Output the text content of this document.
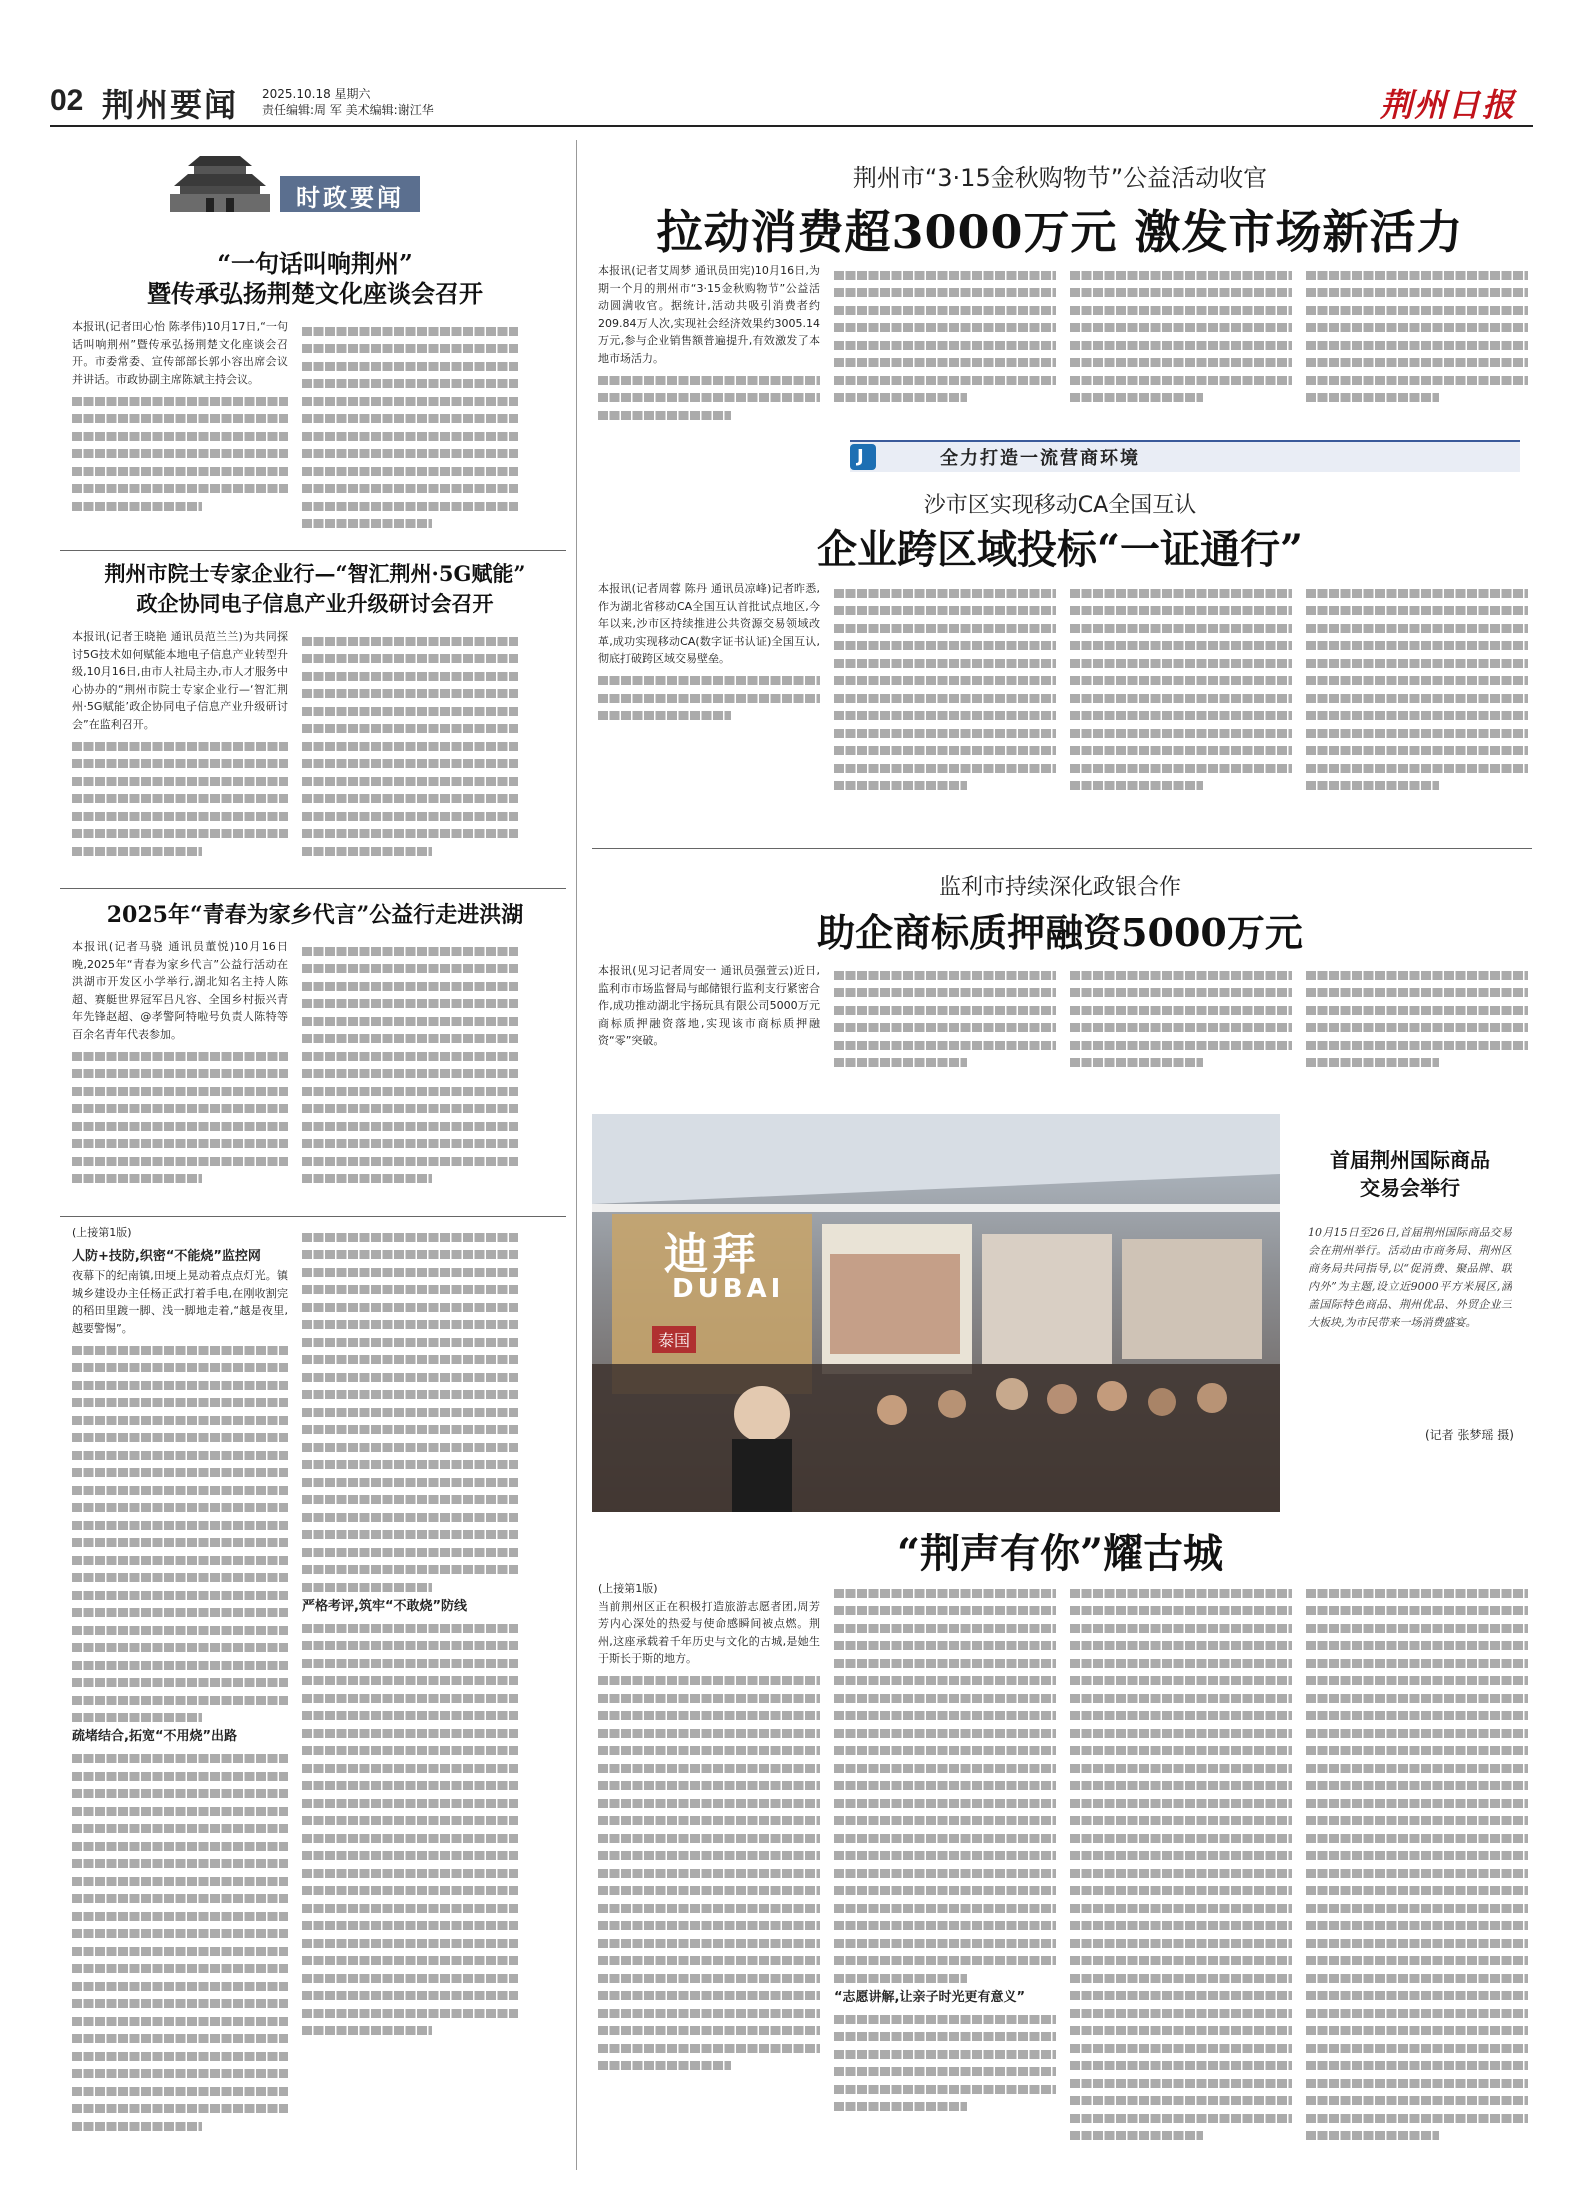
02 荆州要闻 2025.10.18 星期六
责任编辑:周 军 美术编辑:谢江华	荆州日报
时政要闻
“一句话叫响荆州”
暨传承弘扬荆楚文化座谈会召开
本报讯(记者田心怡 陈孝伟)10月17日,“一句话叫响荆州”暨传承弘扬荆楚文化座谈会召开。市委常委、宣传部部长郭小容出席会议并讲话。市政协副主席陈斌主持会议。
荆州市院士专家企业行—“智汇荆州·5G赋能”
政企协同电子信息产业升级研讨会召开
本报讯(记者王晓艳 通讯员范兰兰)为共同探讨5G技术如何赋能本地电子信息产业转型升级,10月16日,由市人社局主办,市人才服务中心协办的“荆州市院士专家企业行—‘智汇荆州·5G赋能’政企协同电子信息产业升级研讨会”在监利召开。
2025年“青春为家乡代言”公益行走进洪湖
本报讯(记者马骁 通讯员董悦)10月16日晚,2025年“青春为家乡代言”公益行活动在洪湖市开发区小学举行,湖北知名主持人陈超、赛艇世界冠军吕凡容、全国乡村振兴青年先锋赵超、@孝警阿特啦号负责人陈特等百余名青年代表参加。
(上接第1版)
人防+技防,织密“不能烧”监控网
夜幕下的纪南镇,田埂上晃动着点点灯光。镇城乡建设办主任杨正武打着手电,在刚收割完的稻田里踱一脚、浅一脚地走着,“越是夜里,越要警惕”。
疏堵结合,拓宽“不用烧”出路
严格考评,筑牢“不敢烧”防线
荆州市“3·15金秋购物节”公益活动收官
拉动消费超3000万元 激发市场新活力
本报讯(记者艾周梦 通讯员田宪)10月16日,为期一个月的荆州市“3·15金秋购物节”公益活动圆满收官。据统计,活动共吸引消费者约209.84万人次,实现社会经济效果约3005.14万元,参与企业销售额普遍提升,有效激发了本地市场活力。
J	全力打造一流营商环境
沙市区实现移动CA全国互认
企业跨区域投标“一证通行”
本报讯(记者周蓉 陈丹 通讯员凉峰)记者昨悉,作为湖北省移动CA全国互认首批试点地区,今年以来,沙市区持续推进公共资源交易领域改革,成功实现移动CA(数字证书认证)全国互认,彻底打破跨区域交易壁垒。
监利市持续深化政银合作
助企商标质押融资5000万元
本报讯(见习记者周安一 通讯员强萱云)近日,监利市市场监督局与邮储银行监利支行紧密合作,成功推动湖北宇扬玩具有限公司5000万元商标质押融资落地,实现该市商标质押融资“零”突破。
迪拜
DUBAI
泰国
首届荆州国际商品
交易会举行
10月15日至26日,首届荆州国际商品交易会在荆州举行。活动由市商务局、荆州区商务局共同指导,以“促消费、聚品牌、联内外”为主题,设立近9000平方米展区,涵盖国际特色商品、荆州优品、外贸企业三大板块,为市民带来一场消费盛宴。
(记者 张梦瑶 摄)
“荆声有你”耀古城
(上接第1版)
当前荆州区正在积极打造旅游志愿者团,周芳芳内心深处的热爱与使命感瞬间被点燃。荆州,这座承载着千年历史与文化的古城,是她生于斯长于斯的地方。
“志愿讲解,让亲子时光更有意义”
